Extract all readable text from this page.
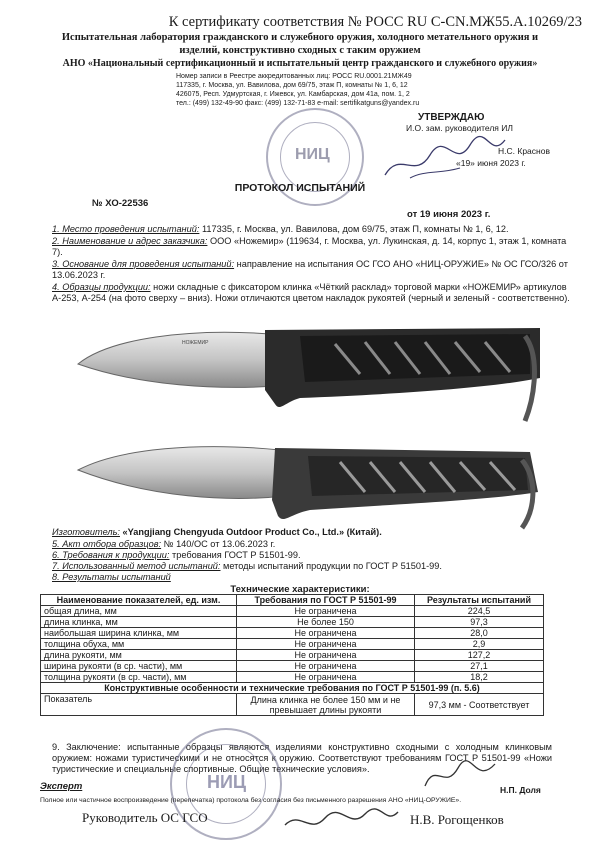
К сертификату соответствия № РОСС RU С-CN.МЖ55.А.10269/23
Испытательная лаборатория гражданского и служебного оружия, холодного метательного оружия и
изделий, конструктивно сходных с таким оружием
АНО «Национальный сертификационный и испытательный центр гражданского и служебного оружия»
Номер записи в Реестре аккредитованных лиц: РОСС RU.0001.21МЖ49
117335, г. Москва, ул. Вавилова, дом 69/75, этаж П, комнаты № 1, 6, 12
426075, Респ. Удмуртская, г. Ижевск, ул. Камбарская, дом 41а, пом. 1, 2
тел.: (499) 132-49-90 факс: (499) 132-71-83 e-mail: sertifikatguns@yandex.ru
УТВЕРЖДАЮ
И.О. зам. руководителя ИЛ
Н.С. Краснов
«19» июня 2023 г.
НИЦ
ПРОТОКОЛ ИСПЫТАНИЙ
№ ХО-22536
от 19 июня 2023 г.

1. Место проведения испытаний: 117335, г. Москва, ул. Вавилова, дом 69/75, этаж П, комнаты № 1, 6, 12.

2. Наименование и адрес заказчика: ООО «Ножемир» (119634, г. Москва, ул. Лукинская, д. 14, корпус 1, этаж 1, комната 7).

3. Основание для проведения испытаний: направление на испытания ОС ГСО АНО «НИЦ-ОРУЖИЕ» № ОС ГСО/326 от 13.06.2023 г.

4. Образцы продукции: ножи складные с фиксатором клинка «Чёткий расклад» торговой марки «НОЖЕМИР» артикулов А-253, А-254 (на фото сверху – вниз). Ножи отличаются цветом накладок рукоятей (черный и зеленый - соответственно).

НОЖЕМИР

Изготовитель: «Yangjiang Chengyuda Outdoor Product Co., Ltd.» (Китай).

5. Акт отбора образцов: № 140/ОС от 13.06.2023 г.

6. Требования к продукции: требования ГОСТ Р 51501-99.

7. Использованный метод испытаний: методы испытаний продукции по ГОСТ Р 51501-99.

8. Результаты испытаний

Технические характеристики:
Наименование показателей, ед. изм.	Требования по ГОСТ Р 51501-99	Результаты испытаний
общая длина, мм	Не ограничена	224,5
длина клинка, мм	Не более 150	97,3
наибольшая ширина клинка, мм	Не ограничена	28,0
толщина обуха, мм	Не ограничена	2,9
длина рукояти, мм	Не ограничена	127,2
ширина рукояти (в ср. части), мм	Не ограничена	27,1
толщина рукояти (в ср. части), мм	Не ограничена	18,2
Конструктивные особенности и технические требования по ГОСТ Р 51501-99 (п. 5.6)		
Показатель	Длина клинка не более 150 мм и не превышает длины рукояти	97,3 мм - Соответствует

9. Заключение: испытанные образцы являются изделиями конструктивно сходными с холодным клинковым оружием: ножами туристическими и не относятся к оружию. Соответствуют требованиям ГОСТ Р 51501-99 «Ножи туристические и специальные спортивные. Общие технические условия».

НИЦ
Эксперт	Н.П. Доля
Полное или частичное воспроизведение (перепечатка) протокола без согласия без письменного разрешения АНО «НИЦ-ОРУЖИЕ».
Руководитель ОС ГСО	Н.В. Рогощенков
